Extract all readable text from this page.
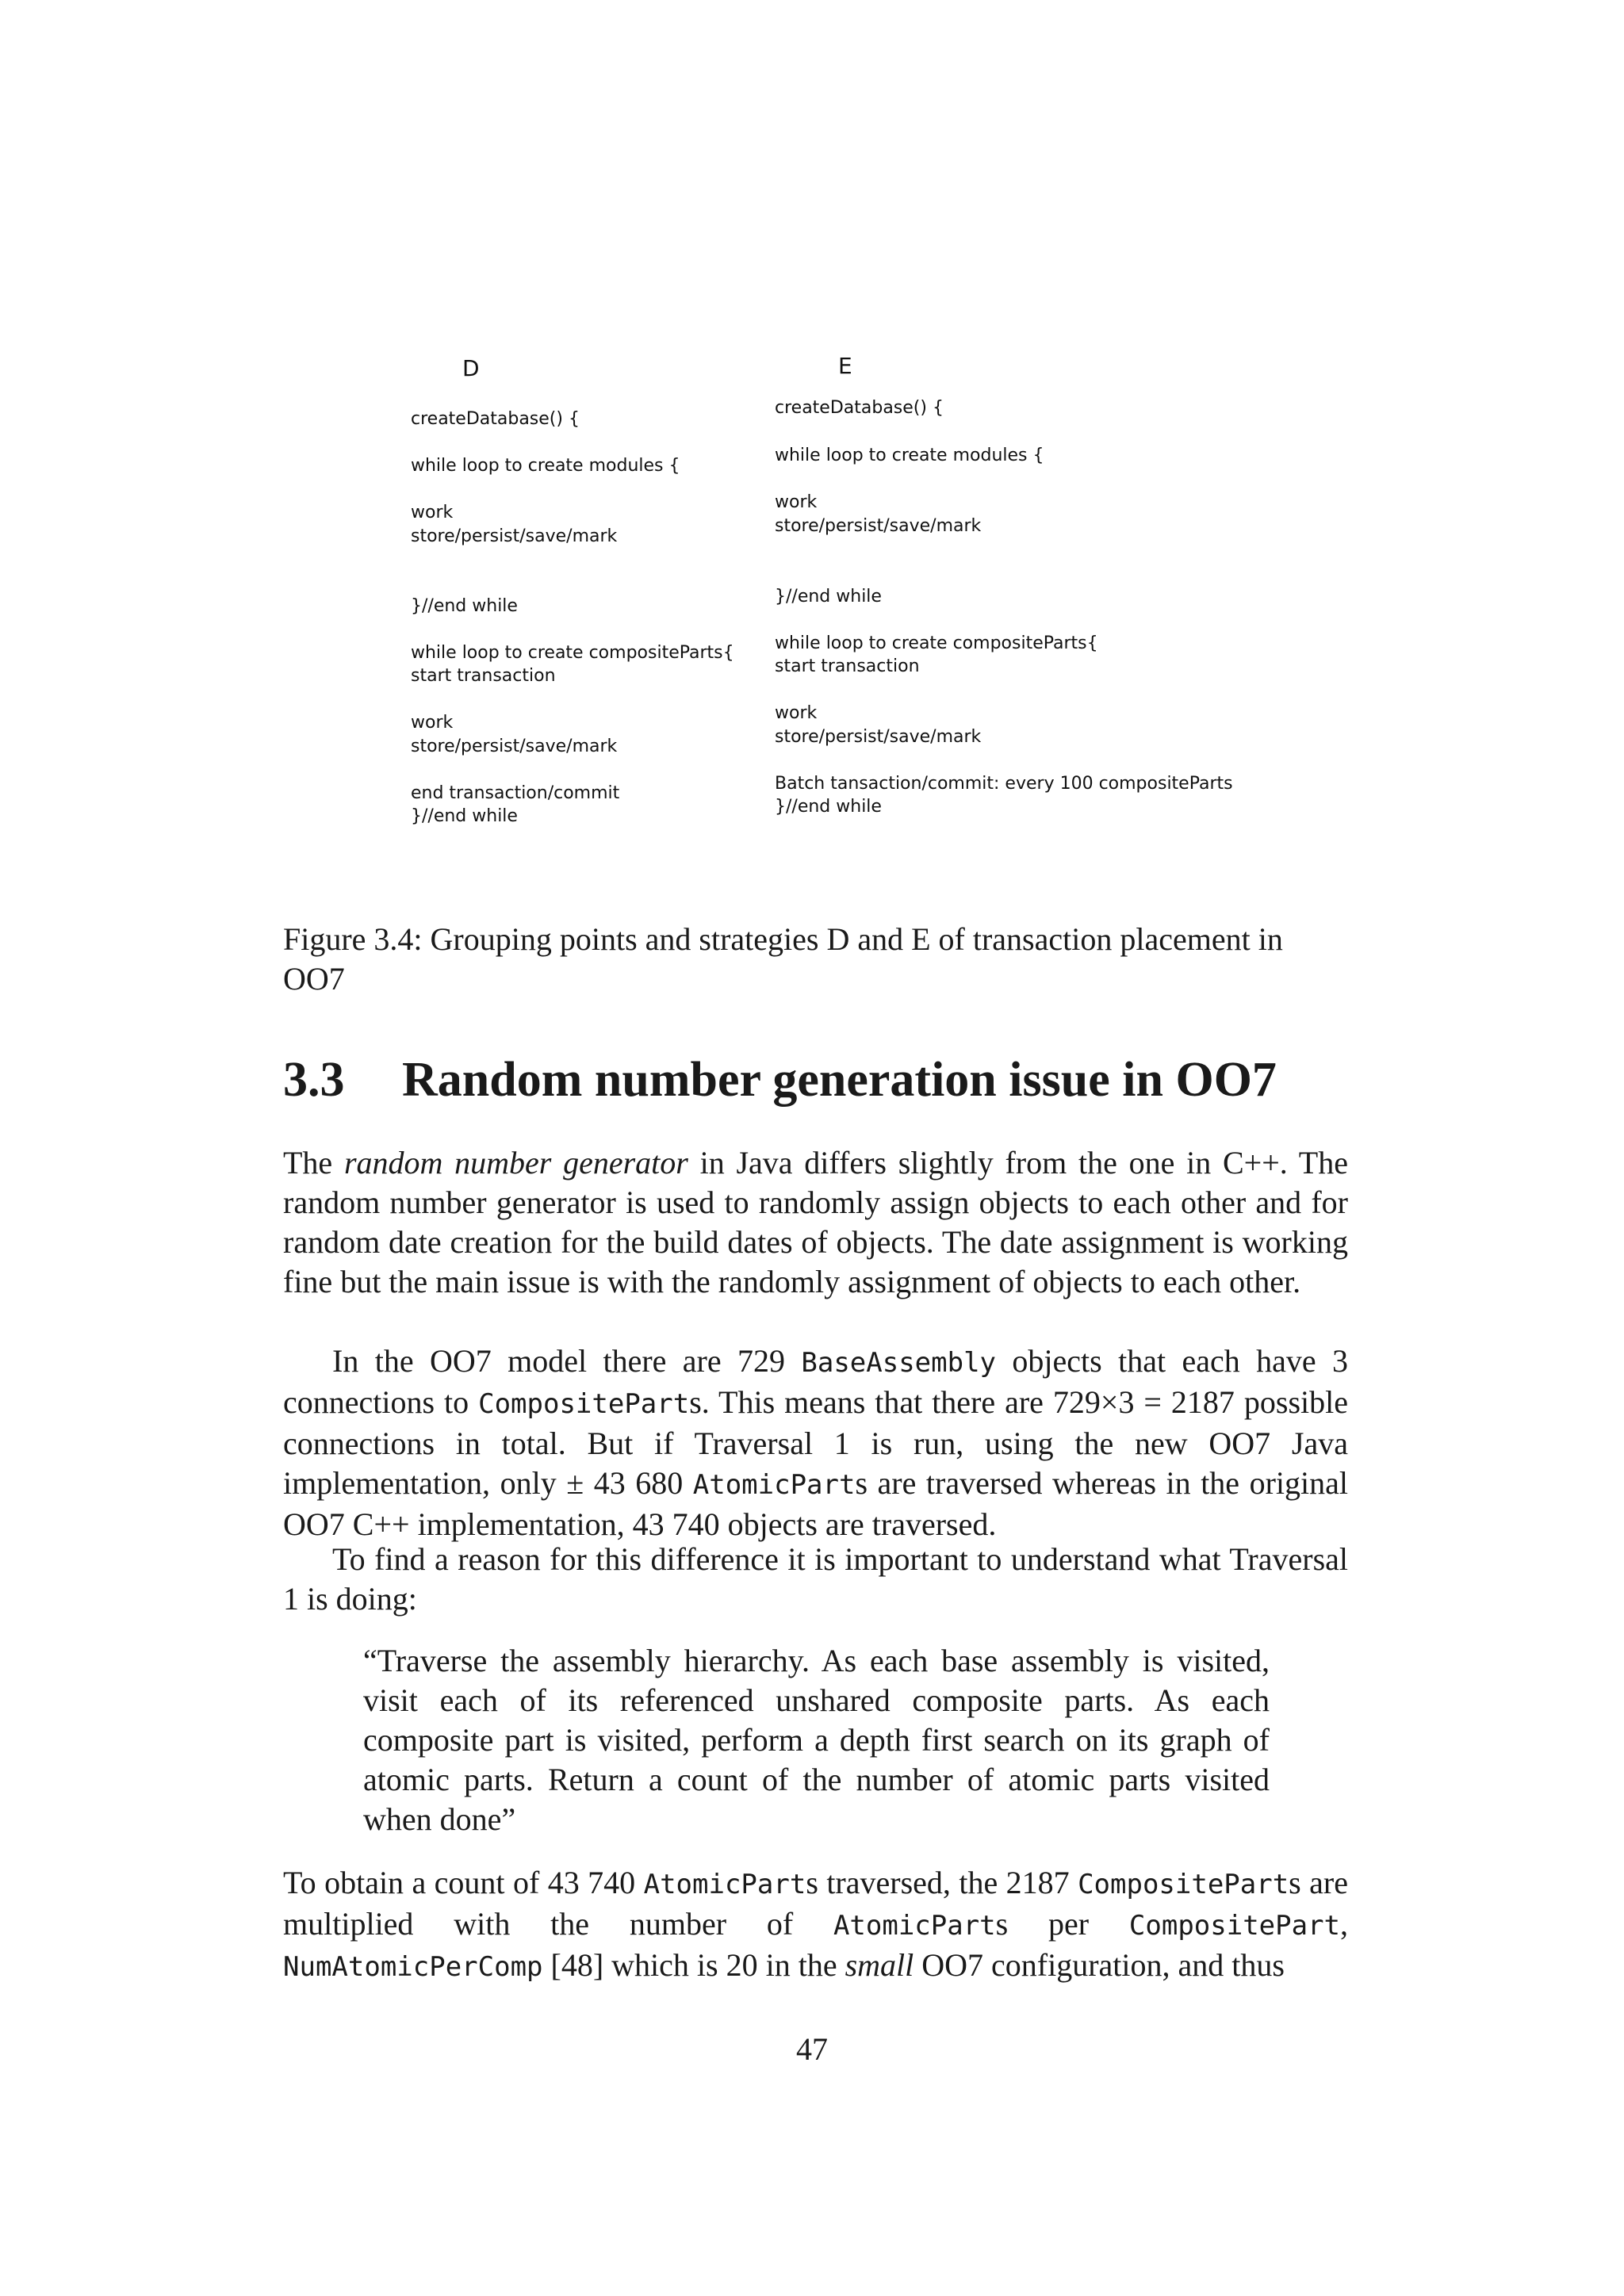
D	E
createDatabase() {
while loop to create modules {
work
store/persist/save/mark
}//end while
while loop to create compositeParts{
start transaction
work
store/persist/save/mark
end transaction/commit
}//end while
createDatabase() {
while loop to create modules {
work
store/persist/save/mark
}//end while
while loop to create compositeParts{
start transaction
work
store/persist/save/mark
Batch tansaction/commit: every 100 compositeParts
}//end while
Figure 3.4: Grouping points and strategies D and E of transaction placement in OO7
3.3 Random number generation issue in OO7
The random number generator in Java differs slightly from the one in C++. The random number generator is used to randomly assign objects to each other and for random date creation for the build dates of objects. The date assignment is working fine but the main issue is with the randomly assignment of objects to each other.
In the OO7 model there are 729 BaseAssembly objects that each have 3 connections to CompositeParts. This means that there are 729×3 = 2187 possible connections in total. But if Traversal 1 is run, using the new OO7 Java implementation, only ± 43 680 AtomicParts are traversed whereas in the original OO7 C++ implementation, 43 740 objects are traversed.
To find a reason for this difference it is important to understand what Traversal 1 is doing:
“Traverse the assembly hierarchy. As each base assembly is visited, visit each of its referenced unshared composite parts. As each composite part is visited, perform a depth first search on its graph of atomic parts. Return a count of the number of atomic parts visited when done”
To obtain a count of 43 740 AtomicParts traversed, the 2187 CompositeParts are multiplied with the number of AtomicParts per CompositePart, NumAtomicPerComp [48] which is 20 in the small OO7 configuration, and thus
47
